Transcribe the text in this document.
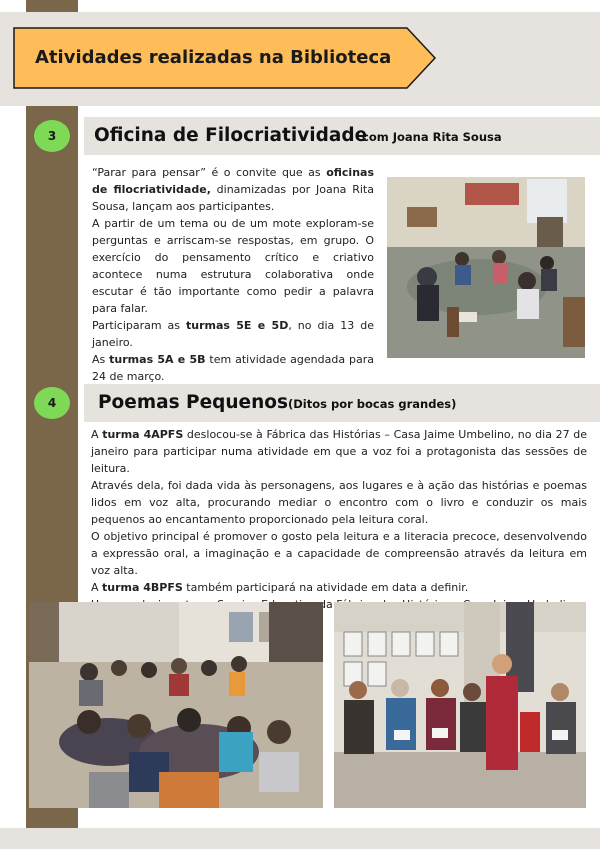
Atividades realizadas na Biblioteca
3	Oficina de Filocriatividade
com Joana Rita Sousa

“Parar para pensar” é o convite que as oficinas de filocriatividade, dinamizadas por Joana Rita Sousa, lançam aos participantes.

A partir de um tema ou de um mote exploram-se perguntas e arriscam-se respostas, em grupo. O exercício do pensamento crítico e criativo acontece numa estrutura colaborativa onde escutar é tão importante como pedir a palavra para falar.

Participaram as turmas 5E e 5D, no dia 13 de janeiro.

As turmas 5A e 5B tem atividade agendada para 24 de março.

4	Poemas Pequenos (Ditos por bocas grandes)

A turma 4APFS deslocou-se à Fábrica das Histórias – Casa Jaime Umbelino, no dia 27 de janeiro para participar numa atividade em que a voz foi a protagonista das sessões de leitura.

Através dela, foi dada vida às personagens, aos lugares e à ação das histórias e poemas lidos em voz alta, procurando mediar o encontro com o livro e conduzir os mais pequenos ao encantamento proporcionado pela leitura coral.

O objetivo principal é promover o gosto pela leitura e a literacia precoce, desenvolvendo a expressão oral, a imaginação e a capacidade de compreensão através da leitura em voz alta.

A turma 4BPFS também participará na atividade em data a definir.

da
